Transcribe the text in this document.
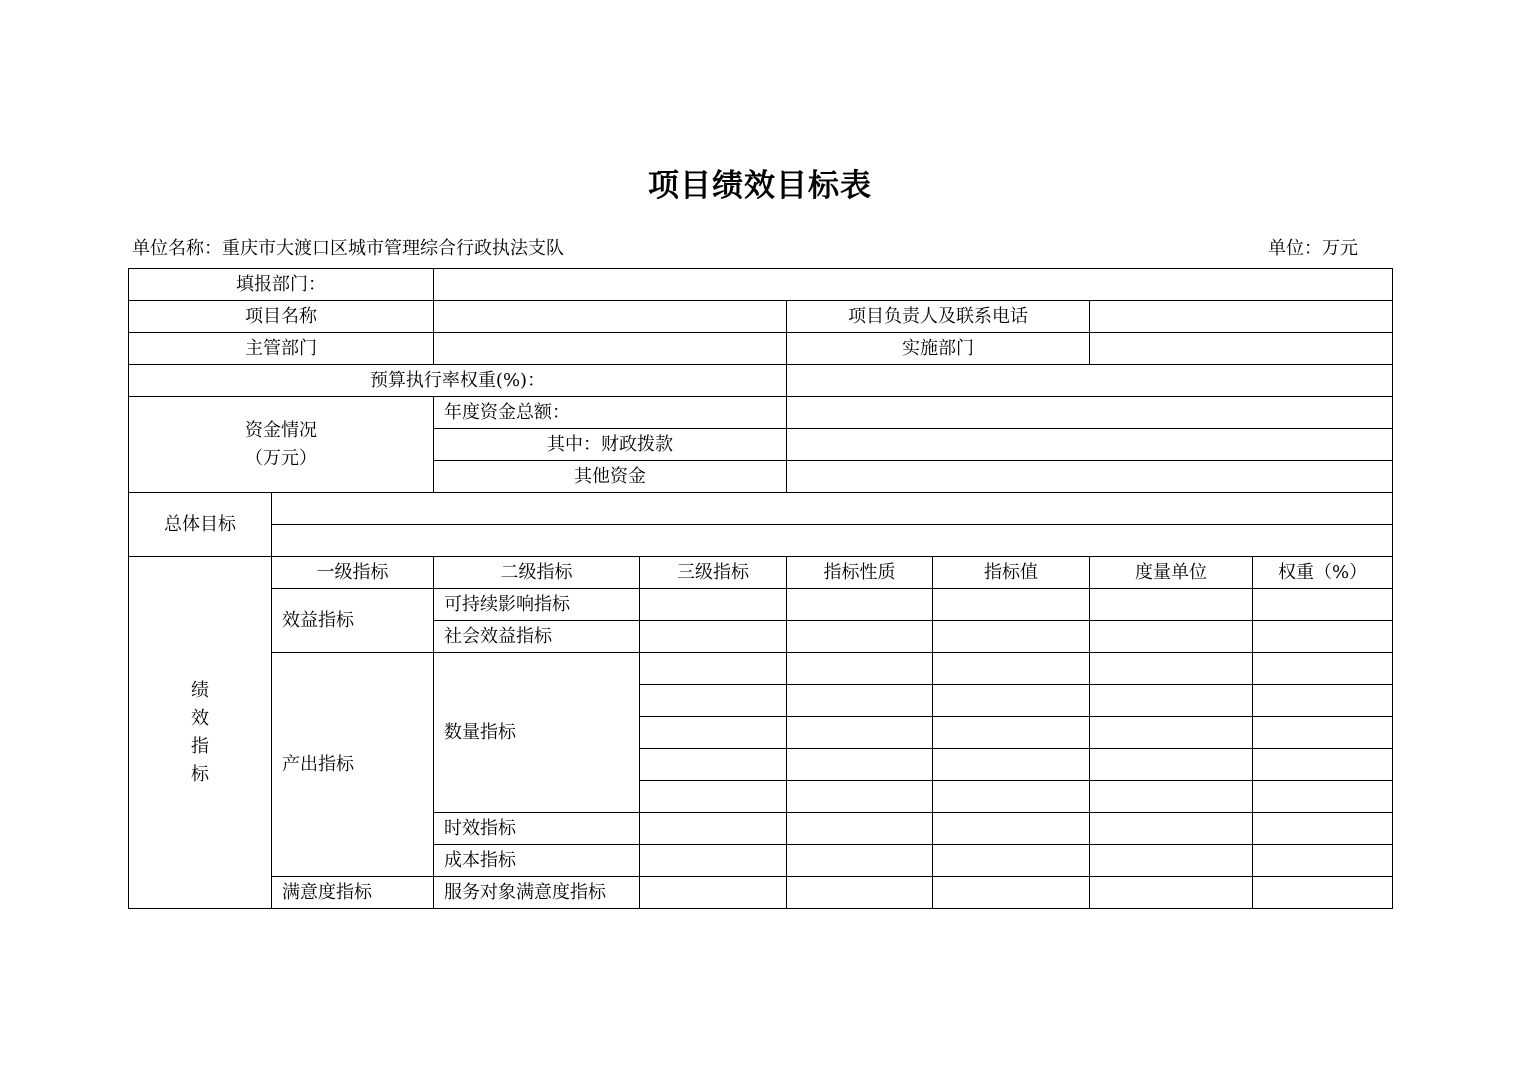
项目绩效目标表
单位名称：重庆市大渡口区城市管理综合行政执法支队	单位：万元
填报部门：							
项目名称				项目负责人及联系电话			
主管部门				实施部门			
预算执行率权重(%)：							
资金情况
（万元）		年度资金总额：					
		其中：财政拨款					
		其他资金					
总体目标							

绩效指标	一级指标	二级指标	三级指标	指标性质	指标值	度量单位	权重（%）
	效益指标	可持续影响指标					
		社会效益指标					
	产出指标	数量指标					

		时效指标					
		成本指标					
	满意度指标	服务对象满意度指标					
